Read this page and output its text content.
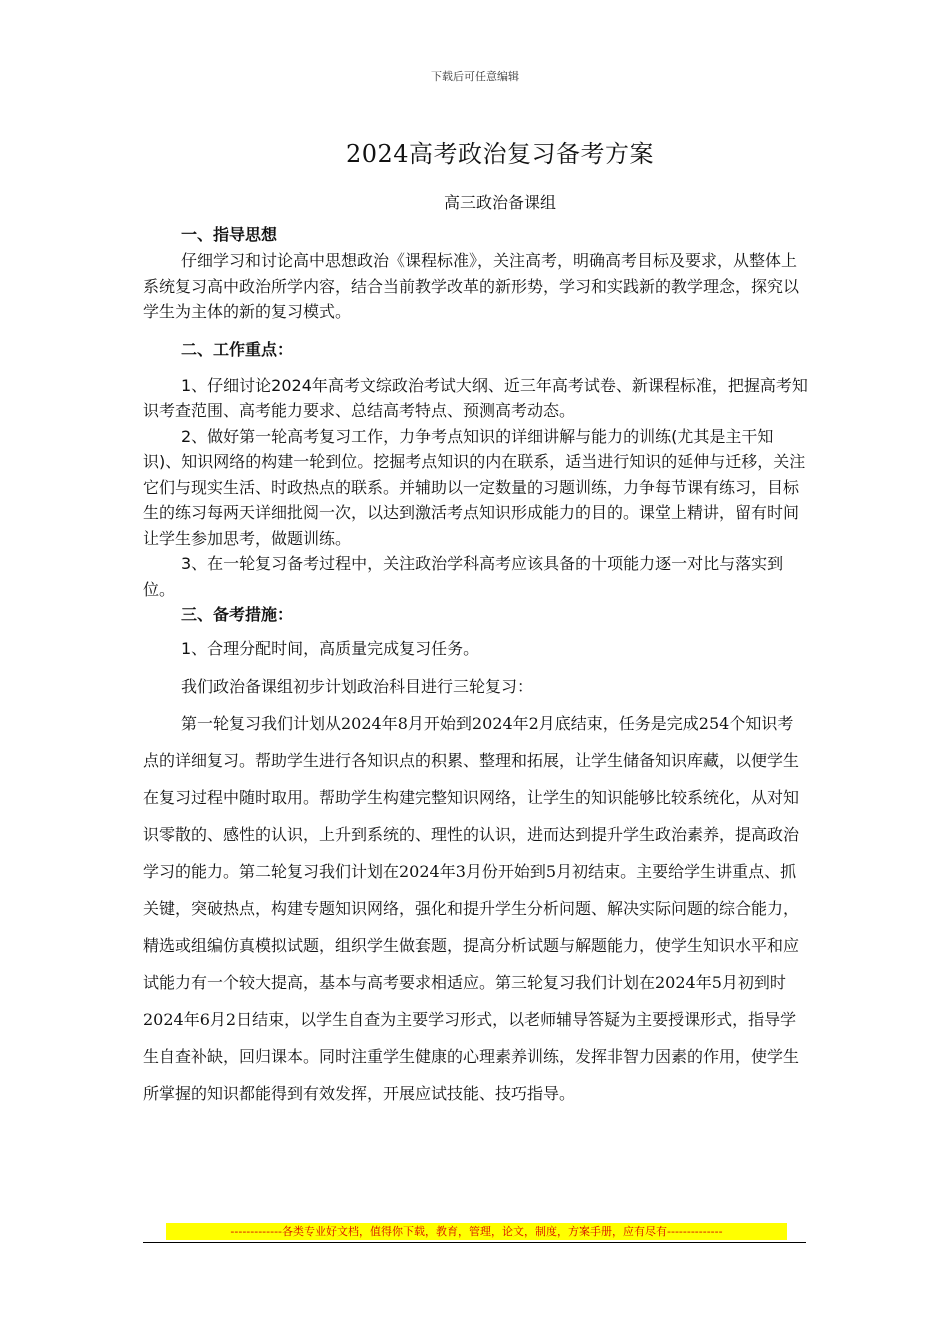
下载后可任意编辑
2024高考政治复习备考方案
高三政治备课组

一、指导思想

仔细学习和讨论高中思想政治《课程标准》，关注高考，明确高考目标及要求，从整体上系统复习高中政治所学内容，结合当前教学改革的新形势，学习和实践新的教学理念，探究以学生为主体的新的复习模式。

二、工作重点：

1、仔细讨论2024年高考文综政治考试大纲、近三年高考试卷、新课程标准，把握高考知识考查范围、高考能力要求、总结高考特点、预测高考动态。

2、做好第一轮高考复习工作，力争考点知识的详细讲解与能力的训练(尤其是主干知识)、知识网络的构建一轮到位。挖掘考点知识的内在联系，适当进行知识的延伸与迁移，关注它们与现实生活、时政热点的联系。并辅助以一定数量的习题训练，力争每节课有练习，目标生的练习每两天详细批阅一次，以达到激活考点知识形成能力的目的。课堂上精讲，留有时间让学生参加思考，做题训练。

3、在一轮复习备考过程中，关注政治学科高考应该具备的十项能力逐一对比与落实到位。

三、备考措施：

1、合理分配时间，高质量完成复习任务。

我们政治备课组初步计划政治科目进行三轮复习：

第一轮复习我们计划从2024年8月开始到2024年2月底结束，任务是完成254个知识考点的详细复习。帮助学生进行各知识点的积累、整理和拓展，让学生储备知识库藏，以便学生在复习过程中随时取用。帮助学生构建完整知识网络，让学生的知识能够比较系统化，从对知识零散的、感性的认识，上升到系统的、理性的认识，进而达到提升学生政治素养，提高政治学习的能力。第二轮复习我们计划在2024年3月份开始到5月初结束。主要给学生讲重点、抓关键，突破热点，构建专题知识网络，强化和提升学生分析问题、解决实际问题的综合能力，精选或组编仿真模拟试题，组织学生做套题，提高分析试题与解题能力，使学生知识水平和应试能力有一个较大提高，基本与高考要求相适应。第三轮复习我们计划在2024年5月初到时2024年6月2日结束，以学生自查为主要学习形式，以老师辅导答疑为主要授课形式，指导学生自查补缺，回归课本。同时注重学生健康的心理素养训练，发挥非智力因素的作用，使学生所掌握的知识都能得到有效发挥，开展应试技能、技巧指导。

-------------各类专业好文档，值得你下载，教育，管理，论文，制度，方案手册，应有尽有--------------
